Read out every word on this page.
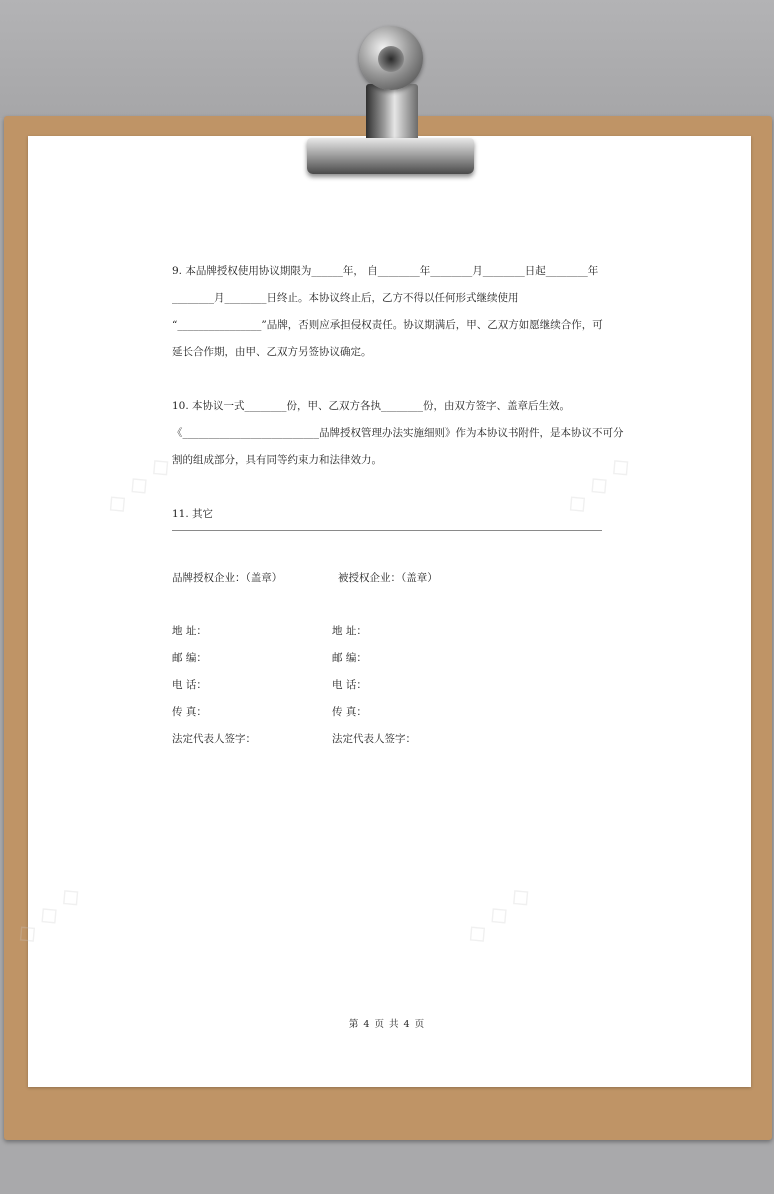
◇ ◇ ◇	◇ ◇ ◇
◇ ◇ ◇	◇ ◇ ◇

9. 本品牌授权使用协议期限为______年， 自________年________月________日起________年
________月________日终止。本协议终止后，乙方不得以任何形式继续使用
“________________”品牌，否则应承担侵权责任。协议期满后，甲、乙双方如愿继续合作，可
延长合作期，由甲、乙双方另签协议确定。

10. 本协议一式________份，甲、乙双方各执________份，由双方签字、盖章后生效。
《__________________________品牌授权管理办法实施细则》作为本协议书附件，是本协议不可分
割的组成部分，具有同等约束力和法律效力。

11. 其它

品牌授权企业：（盖章）	被授权企业：（盖章）
地 址：	地 址：
邮 编：	邮 编：
电 话：	电 话：
传 真：	传 真：
法定代表人签字：	法定代表人签字：
第 4 页 共 4 页
